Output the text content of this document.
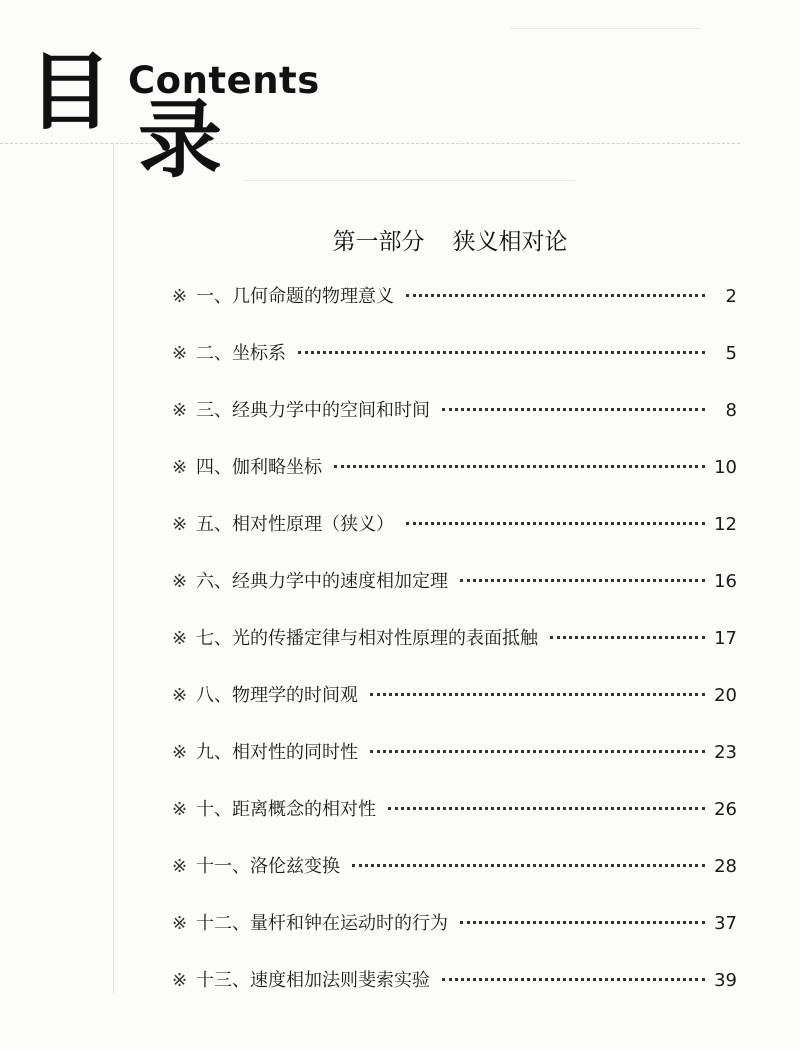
目 Contents
录
第一部分 狭义相对论
※ 一、几何命题的物理意义	2
※ 二、坐标系	5
※ 三、经典力学中的空间和时间	8
※ 四、伽利略坐标	10
※ 五、相对性原理（狭义）	12
※ 六、经典力学中的速度相加定理	16
※ 七、光的传播定律与相对性原理的表面抵触	17
※ 八、物理学的时间观	20
※ 九、相对性的同时性	23
※ 十、距离概念的相对性	26
※ 十一、洛伦兹变换	28
※ 十二、量杆和钟在运动时的行为	37
※ 十三、速度相加法则斐索实验	39
